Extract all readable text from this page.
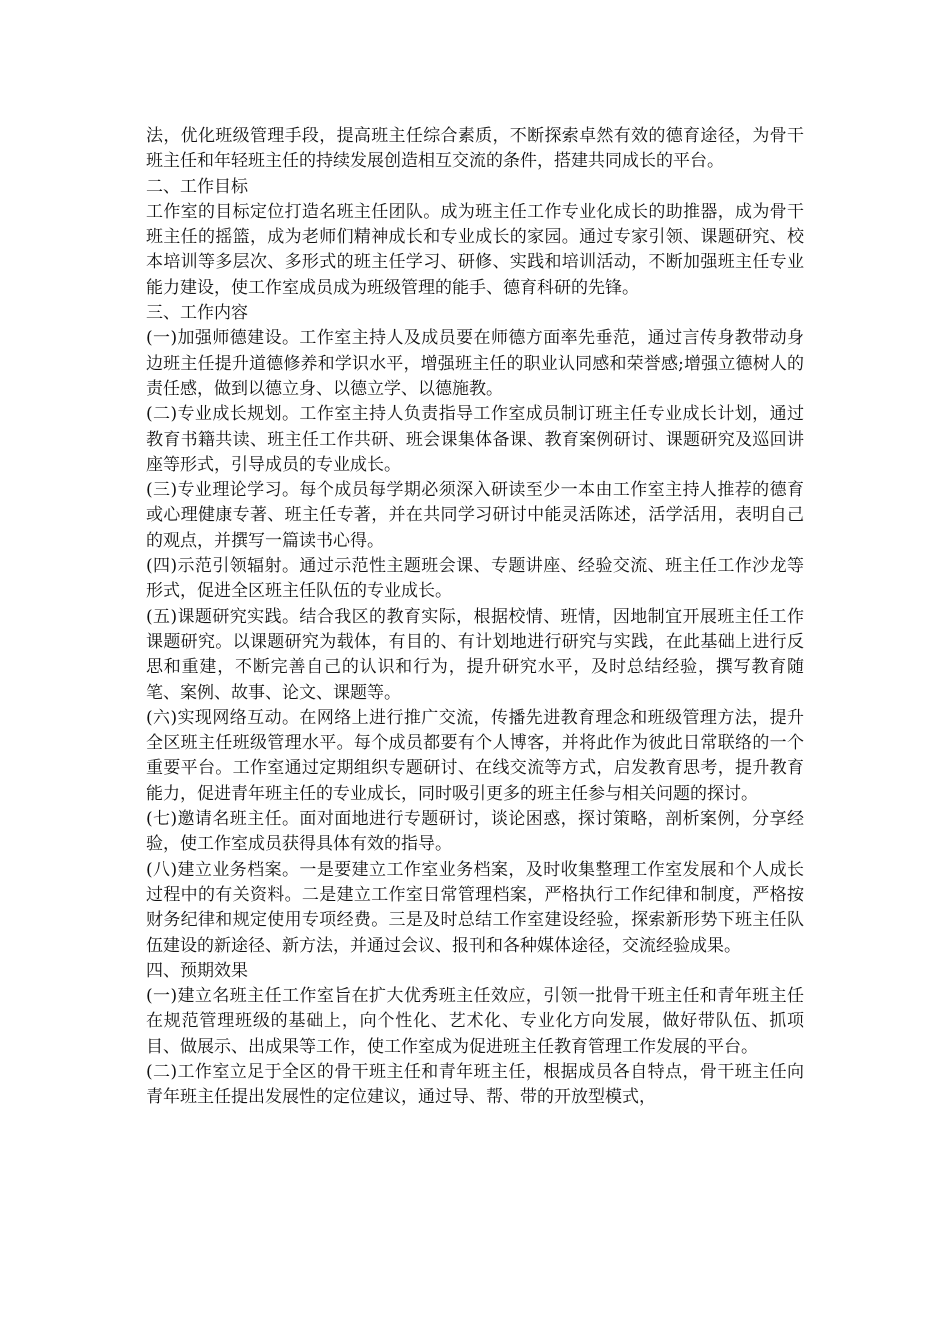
法，优化班级管理手段，提高班主任综合素质，不断探索卓然有效的德育途径，为骨干班主任和年轻班主任的持续发展创造相互交流的条件，搭建共同成长的平台。

二、工作目标

工作室的目标定位打造名班主任团队。成为班主任工作专业化成长的助推器，成为骨干班主任的摇篮，成为老师们精神成长和专业成长的家园。通过专家引领、课题研究、校本培训等多层次、多形式的班主任学习、研修、实践和培训活动，不断加强班主任专业能力建设，使工作室成员成为班级管理的能手、德育科研的先锋。

三、工作内容

(一)加强师德建设。工作室主持人及成员要在师德方面率先垂范，通过言传身教带动身边班主任提升道德修养和学识水平，增强班主任的职业认同感和荣誉感;增强立德树人的责任感，做到以德立身、以德立学、以德施教。

(二)专业成长规划。工作室主持人负责指导工作室成员制订班主任专业成长计划，通过教育书籍共读、班主任工作共研、班会课集体备课、教育案例研讨、课题研究及巡回讲座等形式，引导成员的专业成长。

(三)专业理论学习。每个成员每学期必须深入研读至少一本由工作室主持人推荐的德育或心理健康专著、班主任专著，并在共同学习研讨中能灵活陈述，活学活用，表明自己的观点，并撰写一篇读书心得。

(四)示范引领辐射。通过示范性主题班会课、专题讲座、经验交流、班主任工作沙龙等形式，促进全区班主任队伍的专业成长。

(五)课题研究实践。结合我区的教育实际，根据校情、班情，因地制宜开展班主任工作课题研究。以课题研究为载体，有目的、有计划地进行研究与实践，在此基础上进行反思和重建，不断完善自己的认识和行为，提升研究水平，及时总结经验，撰写教育随笔、案例、故事、论文、课题等。

(六)实现网络互动。在网络上进行推广交流，传播先进教育理念和班级管理方法，提升全区班主任班级管理水平。每个成员都要有个人博客，并将此作为彼此日常联络的一个重要平台。工作室通过定期组织专题研讨、在线交流等方式，启发教育思考，提升教育能力，促进青年班主任的专业成长，同时吸引更多的班主任参与相关问题的探讨。

(七)邀请名班主任。面对面地进行专题研讨，谈论困惑，探讨策略，剖析案例，分享经验，使工作室成员获得具体有效的指导。

(八)建立业务档案。一是要建立工作室业务档案，及时收集整理工作室发展和个人成长过程中的有关资料。二是建立工作室日常管理档案，严格执行工作纪律和制度，严格按财务纪律和规定使用专项经费。三是及时总结工作室建设经验，探索新形势下班主任队伍建设的新途径、新方法，并通过会议、报刊和各种媒体途径，交流经验成果。

四、预期效果

(一)建立名班主任工作室旨在扩大优秀班主任效应，引领一批骨干班主任和青年班主任在规范管理班级的基础上，向个性化、艺术化、专业化方向发展，做好带队伍、抓项目、做展示、出成果等工作，使工作室成为促进班主任教育管理工作发展的平台。

(二)工作室立足于全区的骨干班主任和青年班主任，根据成员各自特点，骨干班主任向青年班主任提出发展性的定位建议，通过导、帮、带的开放型模式，
